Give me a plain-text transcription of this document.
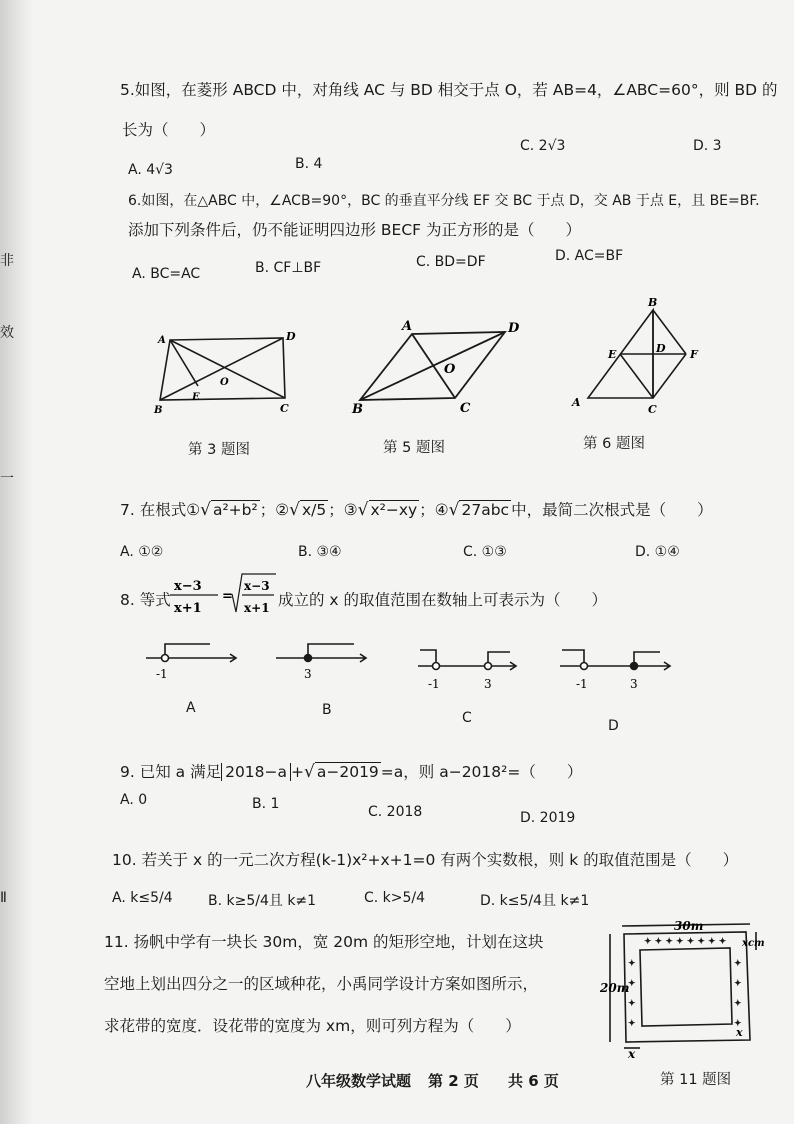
非
效
一
Ⅱ
5.如图，在菱形 ABCD 中，对角线 AC 与 BD 相交于点 O，若 AB=4，∠ABC=60°，则 BD 的
长为（　　）
A. 4√3	B. 4
C. 2√3	D. 3
6.如图，在△ABC 中，∠ACB=90°，BC 的垂直平分线 EF 交 BC 于点 D，交 AB 于点 E，且 BE=BF.
添加下列条件后，仍不能证明四边形 BECF 为正方形的是（　　）
A. BC=AC	B. CF⊥BF	C. BD=DF	D. AC=BF
A	D
B	C
E
O
A	D
B	C
O
B
E	D F
A
C
第 3 题图	第 5 题图	第 6 题图
7. 在根式①√ a²+b² ；②√ x/5 ；③√ x²−xy ；④√ 27abc 中，最简二次根式是（　　）
A. ①②	B. ③④	C. ①③	D. ①④
8. 等式
x−3
x+1
=
x−3
x+1 成立的 x 的取值范围在数轴上可表示为（　　）
-1	3
-1	3	-1	3
A	B	C	D
9. 已知 a 满足 2018−a +√ a−2019 =a，则 a−2018²=（　　）
A. 0	B. 1	C. 2018	D. 2019
10. 若关于 x 的一元二次方程(k-1)x²+x+1=0 有两个实数根，则 k 的取值范围是（　　）
A. k≤5/4	B. k≥5/4且 k≠1	C. k>5/4	D. k≤5/4且 k≠1
11. 扬帆中学有一块长 30m，宽 20m 的矩形空地，计划在这块
空地上划出四分之一的区域种花，小禹同学设计方案如图所示，
求花带的宽度．设花带的宽度为 xm，则可列方程为（　　）
✦ ✦ ✦ ✦ ✦ ✦ ✦ ✦
✦
✦
✦
✦
✦
✦
✦
✦
30m
20m
xcm
x
x
第 11 题图
八年级数学试题 第 2 页 共 6 页
